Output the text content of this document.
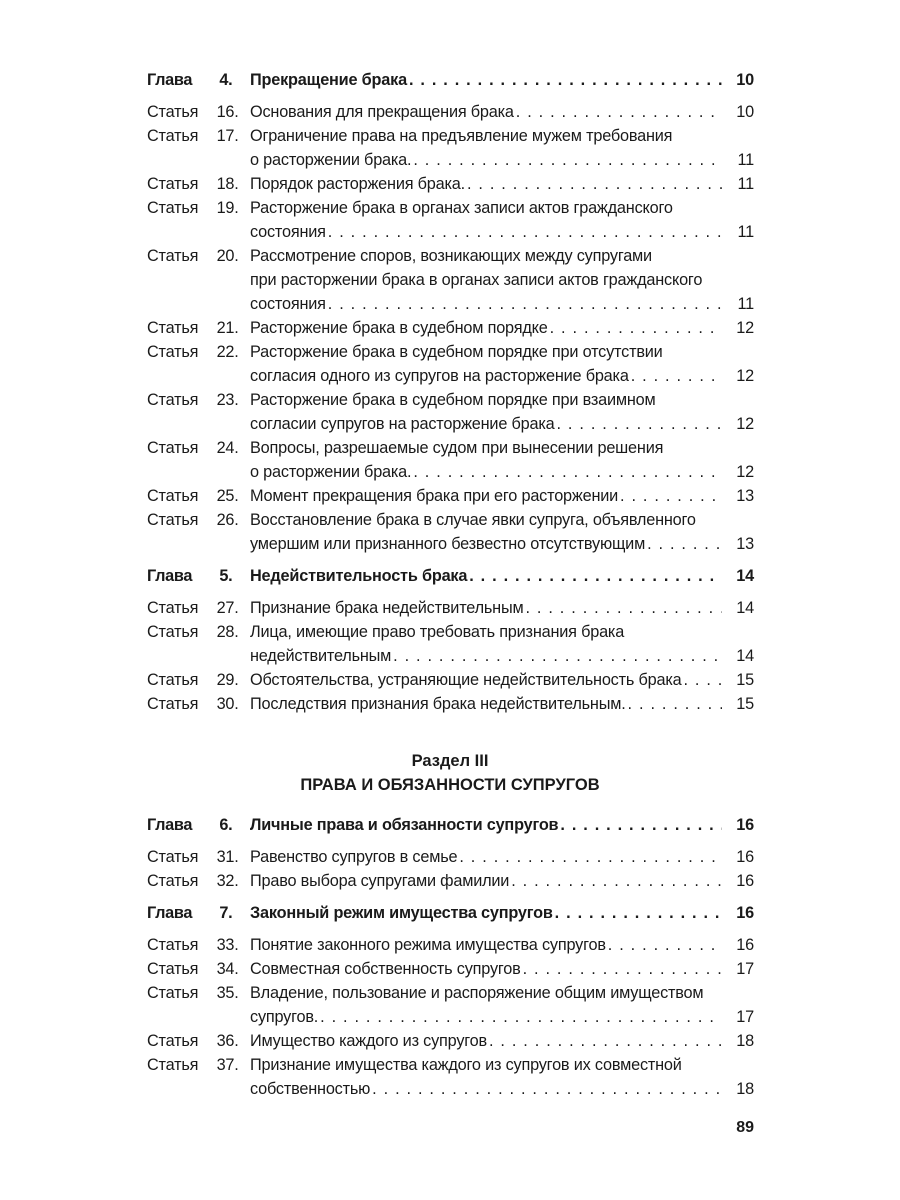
Глава 4.	Прекращение брака . . .	10
Статья 16. Основания для прекращения брака . . .	10
Статья 17. Ограничение права на предъявление мужем требования
о расторжении брака. . . .	11
Статья 18. Порядок расторжения брака. . . .	11
Статья 19. Расторжение брака в органах записи актов гражданского
состояния . . .	11
Статья 20. Рассмотрение споров, возникающих между супругами
при расторжении брака в органах записи актов гражданского
состояния . . .	11
Статья 21. Расторжение брака в судебном порядке . . .	12
Статья 22. Расторжение брака в судебном порядке при отсутствии
согласия одного из супругов на расторжение брака . . .	12
Статья 23. Расторжение брака в судебном порядке при взаимном
согласии супругов на расторжение брака . . .	12
Статья 24. Вопросы, разрешаемые судом при вынесении решения
о расторжении брака. . . .	12
Статья 25. Момент прекращения брака при его расторжении . . .	13
Статья 26. Восстановление брака в случае явки супруга, объявленного
умершим или признанного безвестно отсутствующим . . .	13
Глава 5.	Недействительность брака . . .	14
Статья 27. Признание брака недействительным . . .	14
Статья 28. Лица, имеющие право требовать признания брака
недействительным . . .	14
Статья 29. Обстоятельства, устраняющие недействительность брака . . .	15
Статья 30. Последствия признания брака недействительным. . . .	15
Раздел III
ПРАВА И ОБЯЗАННОСТИ СУПРУГОВ
Глава 6.	Личные права и обязанности супругов . . .	16
Статья 31. Равенство супругов в семье . . .	16
Статья 32. Право выбора супругами фамилии . . .	16
Глава 7.	Законный режим имущества супругов . . .	16
Статья 33. Понятие законного режима имущества супругов . . .	16
Статья 34. Совместная собственность супругов . . .	17
Статья 35. Владение, пользование и распоряжение общим имуществом
супругов. . . .	17
Статья 36. Имущество каждого из супругов . . .	18
Статья 37. Признание имущества каждого из супругов их совместной
собственностью . . .	18
89
